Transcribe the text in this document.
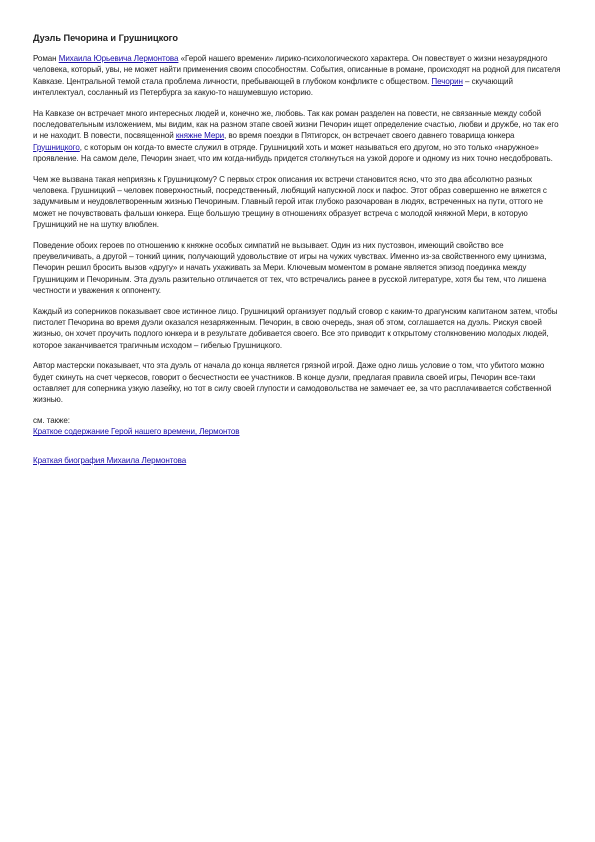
Дуэль Печорина и Грушницкого

Роман Михаила Юрьевича Лермонтова «Герой нашего времени» лирико-психологического характера. Он повествует о жизни незаурядного человека, который, увы, не может найти применения своим способностям. События, описанные в романе, происходят на родной для писателя Кавказе. Центральной темой стала проблема личности, пребывающей в глубоком конфликте с обществом. Печорин – скучающий интеллектуал, сосланный из Петербурга за какую-то нашумевшую историю.

На Кавказе он встречает много интересных людей и, конечно же, любовь. Так как роман разделен на повести, не связанные между собой последовательным изложением, мы видим, как на разном этапе своей жизни Печорин ищет определение счастью, любви и дружбе, но так его и не находит. В повести, посвященной княжне Мери, во время поездки в Пятигорск, он встречает своего давнего товарища юнкера Грушницкого, с которым он когда-то вместе служил в отряде. Грушницкий хоть и может называться его другом, но это только «наружное» проявление. На самом деле, Печорин знает, что им когда-нибудь придется столкнуться на узкой дороге и одному из них точно несдобровать.

Чем же вызвана такая неприязнь к Грушницкому? С первых строк описания их встречи становится ясно, что это два абсолютно разных человека. Грушницкий – человек поверхностный, посредственный, любящий напускной лоск и пафос. Этот образ совершенно не вяжется с задумчивым и неудовлетворенным жизнью Печориным. Главный герой итак глубоко разочарован в людях, встреченных на пути, оттого не может не почувствовать фальши юнкера. Еще большую трещину в отношениях образует встреча с молодой княжной Мери, в которую Грушницкий не на шутку влюблен.

Поведение обоих героев по отношению к княжне особых симпатий не вызывает. Один из них пустозвон, имеющий свойство все преувеличивать, а другой – тонкий циник, получающий удовольствие от игры на чужих чувствах. Именно из-за свойственного ему цинизма, Печорин решил бросить вызов «другу» и начать ухаживать за Мери. Ключевым моментом в романе является эпизод поединка между Грушницким и Печориным. Эта дуэль разительно отличается от тех, что встречались ранее в русской литературе, хотя бы тем, что лишена честности и уважения к оппоненту.

Каждый из соперников показывает свое истинное лицо. Грушницкий организует подлый сговор с каким-то драгунским капитаном затем, чтобы пистолет Печорина во время дуэли оказался незаряженным. Печорин, в свою очередь, зная об этом, соглашается на дуэль. Рискуя своей жизнью, он хочет проучить подлого юнкера и в результате добивается своего. Все это приводит к открытому столкновению молодых людей, которое заканчивается трагичным исходом – гибелью Грушницкого.

Автор мастерски показывает, что эта дуэль от начала до конца является грязной игрой. Даже одно лишь условие о том, что убитого можно будет скинуть на счет черкесов, говорит о бесчестности ее участников. В конце дуэли, предлагая правила своей игры, Печорин все-таки оставляет для соперника узкую лазейку, но тот в силу своей глупости и самодовольства не замечает ее, за что расплачивается собственной жизнью.

см. также:

Краткое содержание Герой нашего времени, Лермонтов

Краткая биография Михаила Лермонтова
